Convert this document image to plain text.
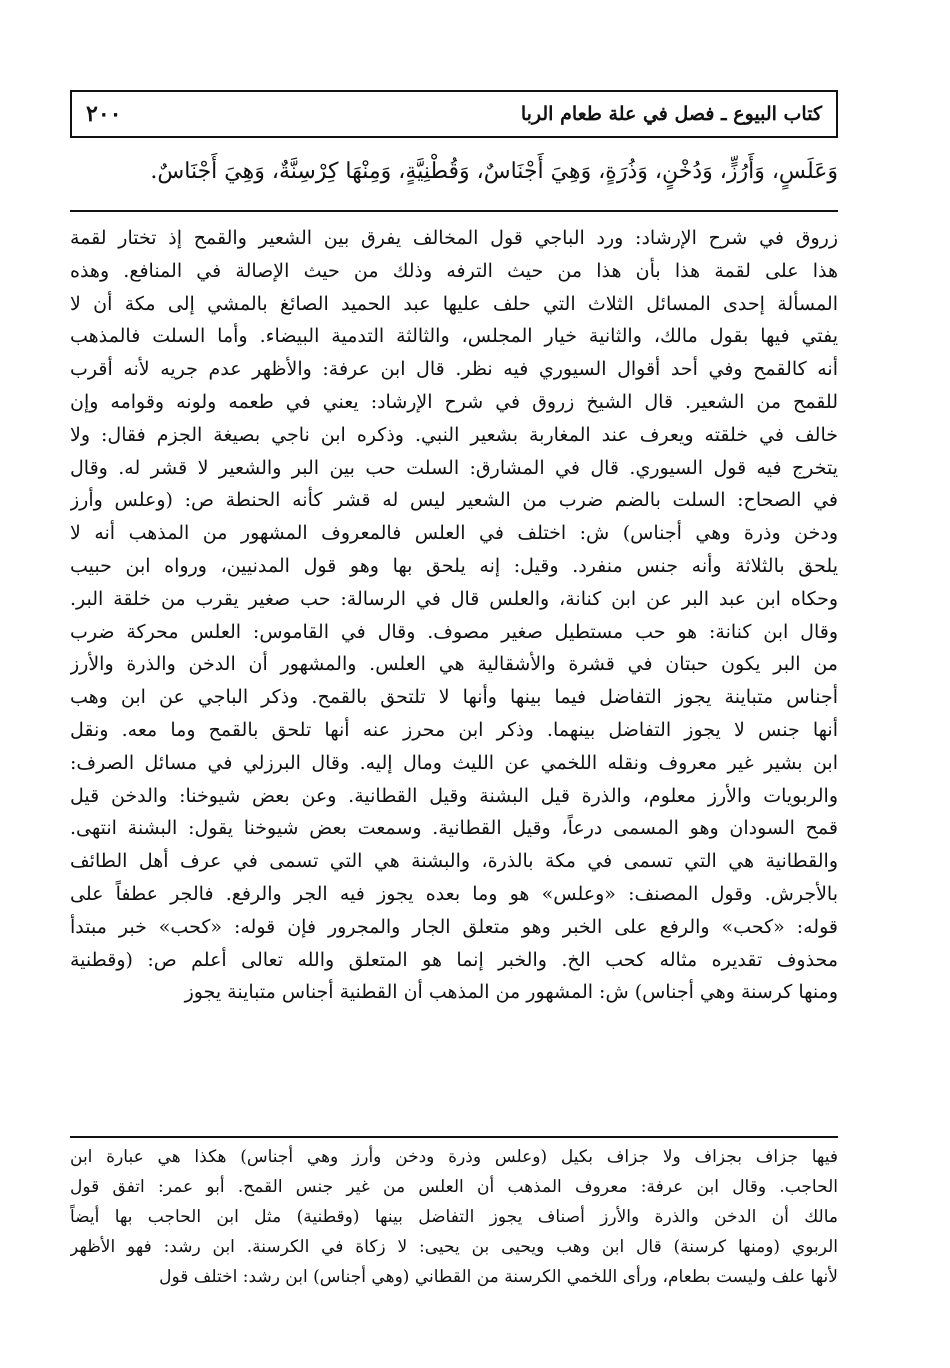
كتاب البيوع ـ فصل في علة طعام الربا
٢٠٠
وَعَلَسٍ، وَأَرُزٍّ، وَدُخْنٍ، وَذُرَةٍ، وَهِيَ أَجْنَاسٌ، وَقُطْنِيَّةٍ، وَمِنْهَا كِرْسِنَّةٌ، وَهِيَ أَجْنَاسٌ.
زروق في شرح الإرشاد: ورد الباجي قول المخالف يفرق بين الشعير والقمح إذ تختار لقمة
هذا على لقمة هذا بأن هذا من حيث الترفه وذلك من حيث الإصالة في المنافع. وهذه
المسألة إحدى المسائل الثلاث التي حلف عليها عبد الحميد الصائغ بالمشي إلى مكة أن لا
يفتي فيها بقول مالك، والثانية خيار المجلس، والثالثة التدمية البيضاء. وأما السلت فالمذهب
أنه كالقمح وفي أحد أقوال السيوري فيه نظر. قال ابن عرفة: والأظهر عدم جريه لأنه أقرب
للقمح من الشعير. قال الشيخ زروق في شرح الإرشاد: يعني في طعمه ولونه وقوامه وإن
خالف في خلقته ويعرف عند المغاربة بشعير النبي. وذكره ابن ناجي بصيغة الجزم فقال: ولا
يتخرج فيه قول السيوري. قال في المشارق: السلت حب بين البر والشعير لا قشر له. وقال
في الصحاح: السلت بالضم ضرب من الشعير ليس له قشر كأنه الحنطة ص: (وعلس وأرز
ودخن وذرة وهي أجناس) ش: اختلف في العلس فالمعروف المشهور من المذهب أنه لا
يلحق بالثلاثة وأنه جنس منفرد. وقيل: إنه يلحق بها وهو قول المدنيين، ورواه ابن حبيب
وحكاه ابن عبد البر عن ابن كنانة، والعلس قال في الرسالة: حب صغير يقرب من خلقة البر.
وقال ابن كنانة: هو حب مستطيل صغير مصوف. وقال في القاموس: العلس محركة ضرب
من البر يكون حبتان في قشرة والأشقالية هي العلس. والمشهور أن الدخن والذرة والأرز
أجناس متباينة يجوز التفاضل فيما بينها وأنها لا تلتحق بالقمح. وذكر الباجي عن ابن وهب
أنها جنس لا يجوز التفاضل بينهما. وذكر ابن محرز عنه أنها تلحق بالقمح وما معه. ونقل
ابن بشير غير معروف ونقله اللخمي عن الليث ومال إليه. وقال البرزلي في مسائل الصرف:
والربويات والأرز معلوم، والذرة قيل البشنة وقيل القطانية. وعن بعض شيوخنا: والدخن قيل
قمح السودان وهو المسمى درعاً، وقيل القطانية. وسمعت بعض شيوخنا يقول: البشنة انتهى.
والقطانية هي التي تسمى في مكة بالذرة، والبشنة هي التي تسمى في عرف أهل الطائف
بالأجرش. وقول المصنف: «وعلس» هو وما بعده يجوز فيه الجر والرفع. فالجر عطفاً على
قوله: «كحب» والرفع على الخبر وهو متعلق الجار والمجرور فإن قوله: «كحب» خبر مبتدأ
محذوف تقديره مثاله كحب الخ. والخبر إنما هو المتعلق والله تعالى أعلم ص: (وقطنية
ومنها كرسنة وهي أجناس) ش: المشهور من المذهب أن القطنية أجناس متباينة يجوز
فيها جزاف بجزاف ولا جزاف بكيل (وعلس وذرة ودخن وأرز وهي أجناس) هكذا هي عبارة ابن
الحاجب. وقال ابن عرفة: معروف المذهب أن العلس من غير جنس القمح. أبو عمر: اتفق قول
مالك أن الدخن والذرة والأرز أصناف يجوز التفاضل بينها (وقطنية) مثل ابن الحاجب بها أيضاً
الربوي (ومنها كرسنة) قال ابن وهب ويحيى بن يحيى: لا زكاة في الكرسنة. ابن رشد: فهو الأظهر
لأنها علف وليست بطعام، ورأى اللخمي الكرسنة من القطاني (وهي أجناس) ابن رشد: اختلف قول
